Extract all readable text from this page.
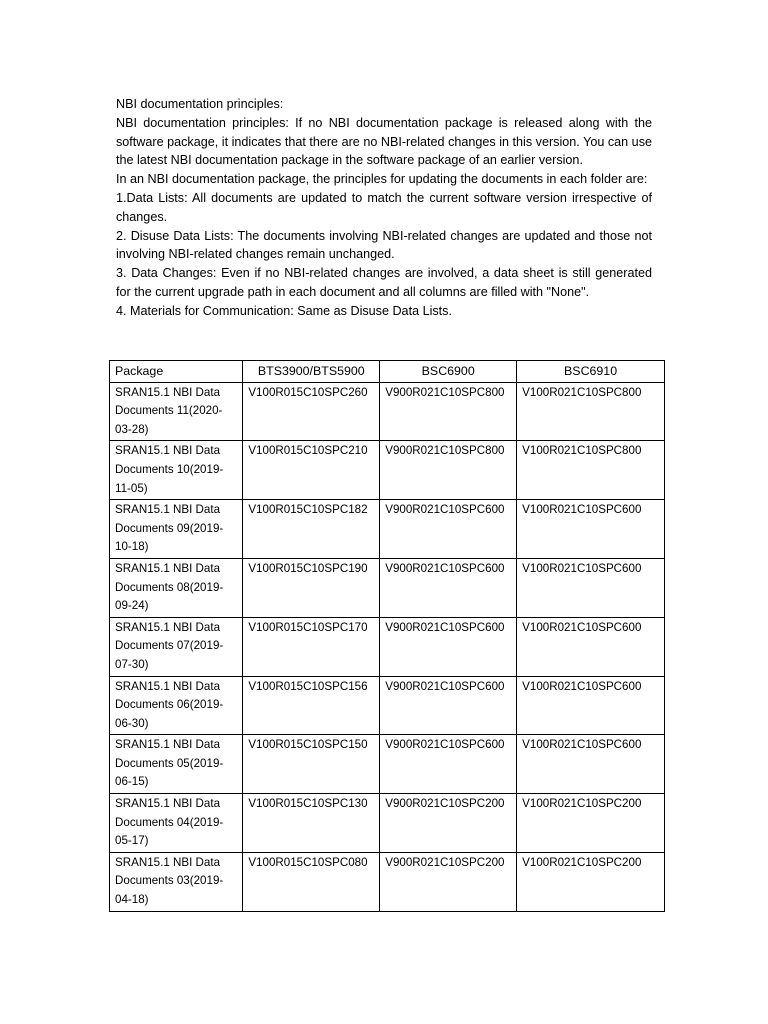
NBI documentation principles:

NBI documentation principles: If no NBI documentation package is released along with the software package, it indicates that there are no NBI-related changes in this version. You can use the latest NBI documentation package in the software package of an earlier version.

In an NBI documentation package, the principles for updating the documents in each folder are:

1.Data Lists: All documents are updated to match the current software version irrespective of changes.

2. Disuse Data Lists: The documents involving NBI-related changes are updated and those not involving NBI-related changes remain unchanged.

3. Data Changes: Even if no NBI-related changes are involved, a data sheet is still generated for the current upgrade path in each document and all columns are filled with "None".

4. Materials for Communication: Same as Disuse Data Lists.

Package	BTS3900/BTS5900	BSC6900	BSC6910
SRAN15.1 NBI Data Documents 11(2020-03-28)	V100R015C10SPC260	V900R021C10SPC800	V100R021C10SPC800
SRAN15.1 NBI Data Documents 10(2019-11-05)	V100R015C10SPC210	V900R021C10SPC800	V100R021C10SPC800
SRAN15.1 NBI Data Documents 09(2019-10-18)	V100R015C10SPC182	V900R021C10SPC600	V100R021C10SPC600
SRAN15.1 NBI Data Documents 08(2019-09-24)	V100R015C10SPC190	V900R021C10SPC600	V100R021C10SPC600
SRAN15.1 NBI Data Documents 07(2019-07-30)	V100R015C10SPC170	V900R021C10SPC600	V100R021C10SPC600
SRAN15.1 NBI Data Documents 06(2019-06-30)	V100R015C10SPC156	V900R021C10SPC600	V100R021C10SPC600
SRAN15.1 NBI Data Documents 05(2019-06-15)	V100R015C10SPC150	V900R021C10SPC600	V100R021C10SPC600
SRAN15.1 NBI Data Documents 04(2019-05-17)	V100R015C10SPC130	V900R021C10SPC200	V100R021C10SPC200
SRAN15.1 NBI Data Documents 03(2019-04-18)	V100R015C10SPC080	V900R021C10SPC200	V100R021C10SPC200
